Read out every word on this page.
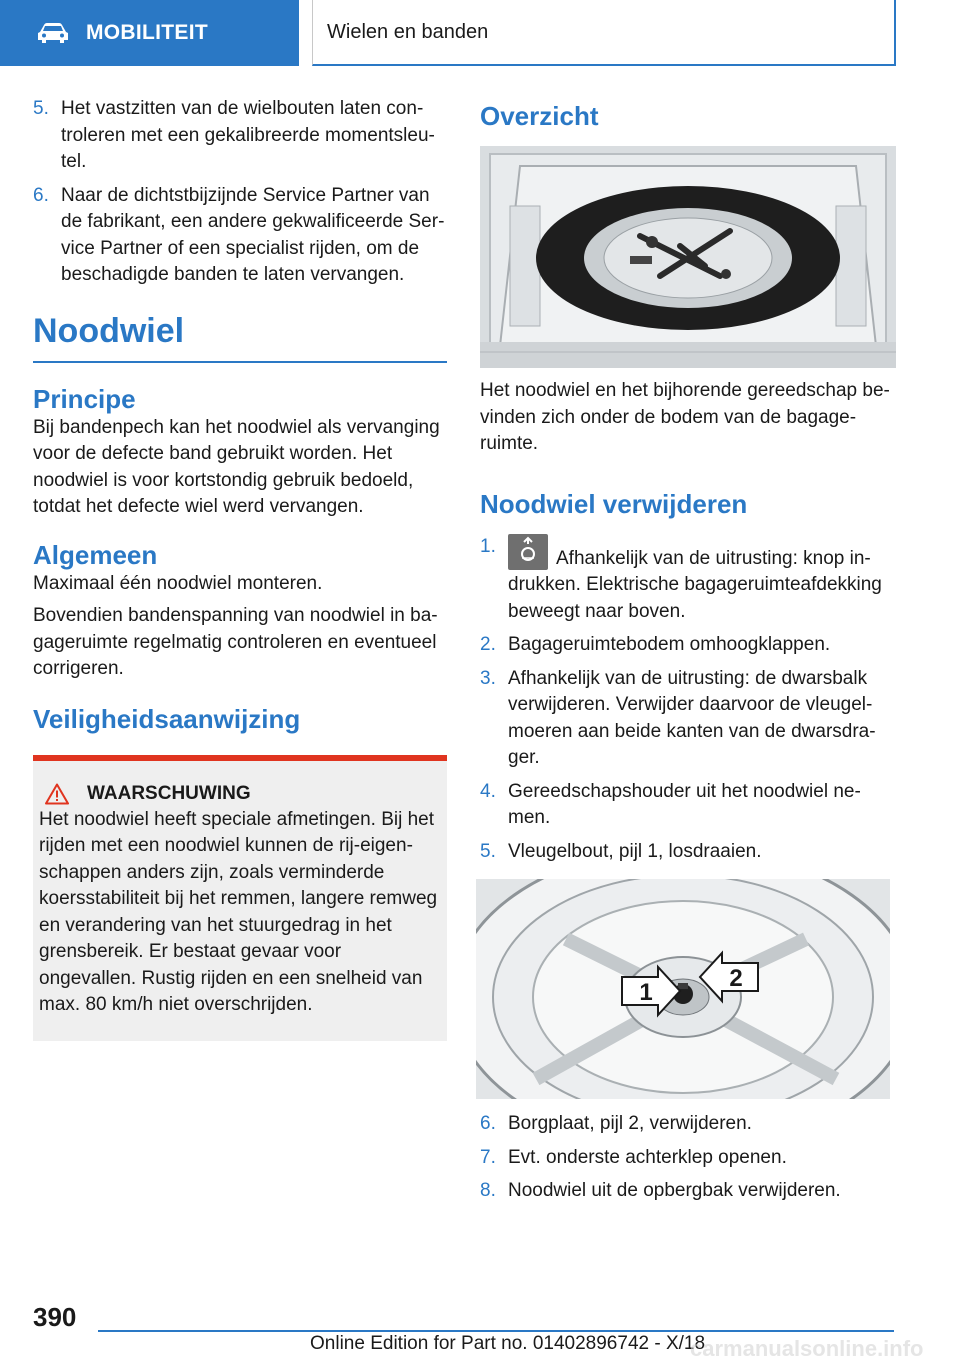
MOBILITEIT	Wielen en banden
5. Het vastzitten van de wielbouten laten controleren met een gekalibreerde momentsleutel.
6. Naar de dichtstbijzijnde Service Partner van de fabrikant, een andere gekwalificeerde Service Partner of een specialist rijden, om de beschadigde banden te laten vervangen.
Noodwiel
Principe

Bij bandenpech kan het noodwiel als vervanging voor de defecte band gebruikt worden. Het noodwiel is voor kortstondig gebruik bedoeld, totdat het defecte wiel werd vervangen.

Algemeen

Maximaal één noodwiel monteren.

Bovendien bandenspanning van noodwiel in bagageruimte regelmatig controleren en eventueel corrigeren.

Veiligheidsaanwijzing
WAARSCHUWING

Het noodwiel heeft speciale afmetingen. Bij het rijden met een noodwiel kunnen de rij-eigenschappen anders zijn, zoals verminderde koersstabiliteit bij het remmen, langere remweg en verandering van het stuurgedrag in het grensbereik. Er bestaat gevaar voor ongevallen. Rustig rijden en een snelheid van max. 80 km/h niet overschrijden.

Overzicht

Het noodwiel en het bijhorende gereedschap bevinden zich onder de bodem van de bagageruimte.

Noodwiel verwijderen
1.
Afhankelijk van de uitrusting: knop indrukken. Elektrische bagageruimteafdekking beweegt naar boven.
2. Bagageruimtebodem omhoogklappen.
3. Afhankelijk van de uitrusting: de dwarsbalk verwijderen. Verwijder daarvoor de vleugelmoeren aan beide kanten van de dwarsdrager.
4. Gereedschapshouder uit het noodwiel nemen.
5. Vleugelbout, pijl 1, losdraaien.
1
2
6. Borgplaat, pijl 2, verwijderen.
7. Evt. onderste achterklep openen.
8. Noodwiel uit de opbergbak verwijderen.
390
Online Edition for Part no. 01402896742 - X/18
carmanualsonline.info
